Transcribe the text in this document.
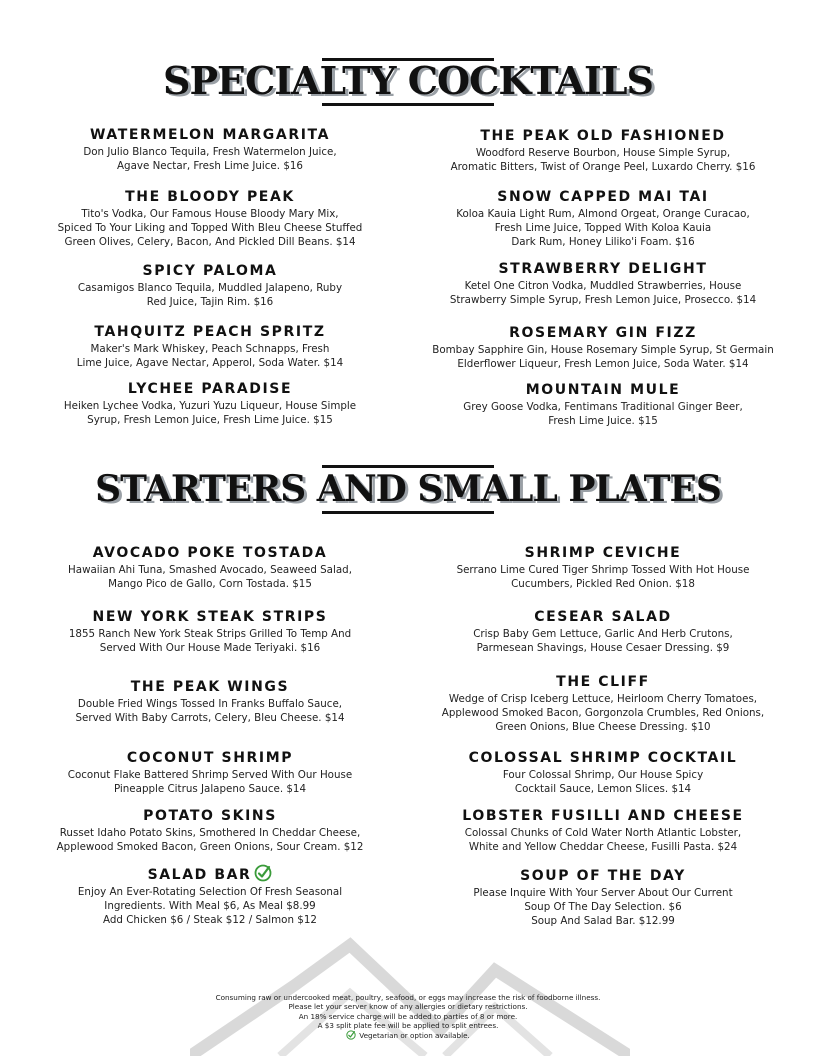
SPECIALTY COCKTAILS
WATERMELON MARGARITA
Don Julio Blanco Tequila, Fresh Watermelon Juice,
Agave Nectar, Fresh Lime Juice. $16
THE BLOODY PEAK
Tito's Vodka, Our Famous House Bloody Mary Mix,
Spiced To Your Liking and Topped With Bleu Cheese Stuffed
Green Olives, Celery, Bacon, And Pickled Dill Beans. $14
SPICY PALOMA
Casamigos Blanco Tequila, Muddled Jalapeno, Ruby
Red Juice, Tajin Rim. $16
TAHQUITZ PEACH SPRITZ
Maker's Mark Whiskey, Peach Schnapps, Fresh
Lime Juice, Agave Nectar, Apperol, Soda Water. $14
LYCHEE PARADISE
Heiken Lychee Vodka, Yuzuri Yuzu Liqueur, House Simple
Syrup, Fresh Lemon Juice, Fresh Lime Juice. $15
THE PEAK OLD FASHIONED
Woodford Reserve Bourbon, House Simple Syrup,
Aromatic Bitters, Twist of Orange Peel, Luxardo Cherry. $16
SNOW CAPPED MAI TAI
Koloa Kauia Light Rum, Almond Orgeat, Orange Curacao,
Fresh Lime Juice, Topped With Koloa Kauia
Dark Rum, Honey Liliko'i Foam. $16
STRAWBERRY DELIGHT
Ketel One Citron Vodka, Muddled Strawberries, House
Strawberry Simple Syrup, Fresh Lemon Juice, Prosecco. $14
ROSEMARY GIN FIZZ
Bombay Sapphire Gin, House Rosemary Simple Syrup, St Germain
Elderflower Liqueur, Fresh Lemon Juice, Soda Water. $14
MOUNTAIN MULE
Grey Goose Vodka, Fentimans Traditional Ginger Beer,
Fresh Lime Juice. $15
STARTERS AND SMALL PLATES
AVOCADO POKE TOSTADA
Hawaiian Ahi Tuna, Smashed Avocado, Seaweed Salad,
Mango Pico de Gallo, Corn Tostada. $15
NEW YORK STEAK STRIPS
1855 Ranch New York Steak Strips Grilled To Temp And
Served With Our House Made Teriyaki. $16
THE PEAK WINGS
Double Fried Wings Tossed In Franks Buffalo Sauce,
Served With Baby Carrots, Celery, Bleu Cheese. $14
COCONUT SHRIMP
Coconut Flake Battered Shrimp Served With Our House
Pineapple Citrus Jalapeno Sauce. $14
POTATO SKINS
Russet Idaho Potato Skins, Smothered In Cheddar Cheese,
Applewood Smoked Bacon, Green Onions, Sour Cream. $12
SALAD BAR
Enjoy An Ever-Rotating Selection Of Fresh Seasonal
Ingredients. With Meal $6, As Meal $8.99
Add Chicken $6 / Steak $12 / Salmon $12
SHRIMP CEVICHE
Serrano Lime Cured Tiger Shrimp Tossed With Hot House
Cucumbers, Pickled Red Onion. $18
CESEAR SALAD
Crisp Baby Gem Lettuce, Garlic And Herb Crutons,
Parmesean Shavings, House Cesaer Dressing. $9
THE CLIFF
Wedge of Crisp Iceberg Lettuce, Heirloom Cherry Tomatoes,
Applewood Smoked Bacon, Gorgonzola Crumbles, Red Onions,
Green Onions, Blue Cheese Dressing. $10
COLOSSAL SHRIMP COCKTAIL
Four Colossal Shrimp, Our House Spicy
Cocktail Sauce, Lemon Slices. $14
LOBSTER FUSILLI AND CHEESE
Colossal Chunks of Cold Water North Atlantic Lobster,
White and Yellow Cheddar Cheese, Fusilli Pasta. $24
SOUP OF THE DAY
Please Inquire With Your Server About Our Current
Soup Of The Day Selection. $6
Soup And Salad Bar. $12.99
Consuming raw or undercooked meat, poultry, seafood, or eggs may increase the risk of foodborne illness.
Please let your server know of any allergies or dietary restrictions.
An 18% service charge will be added to parties of 8 or more.
A $3 split plate fee will be applied to split entrees.
Vegetarian or option available.
